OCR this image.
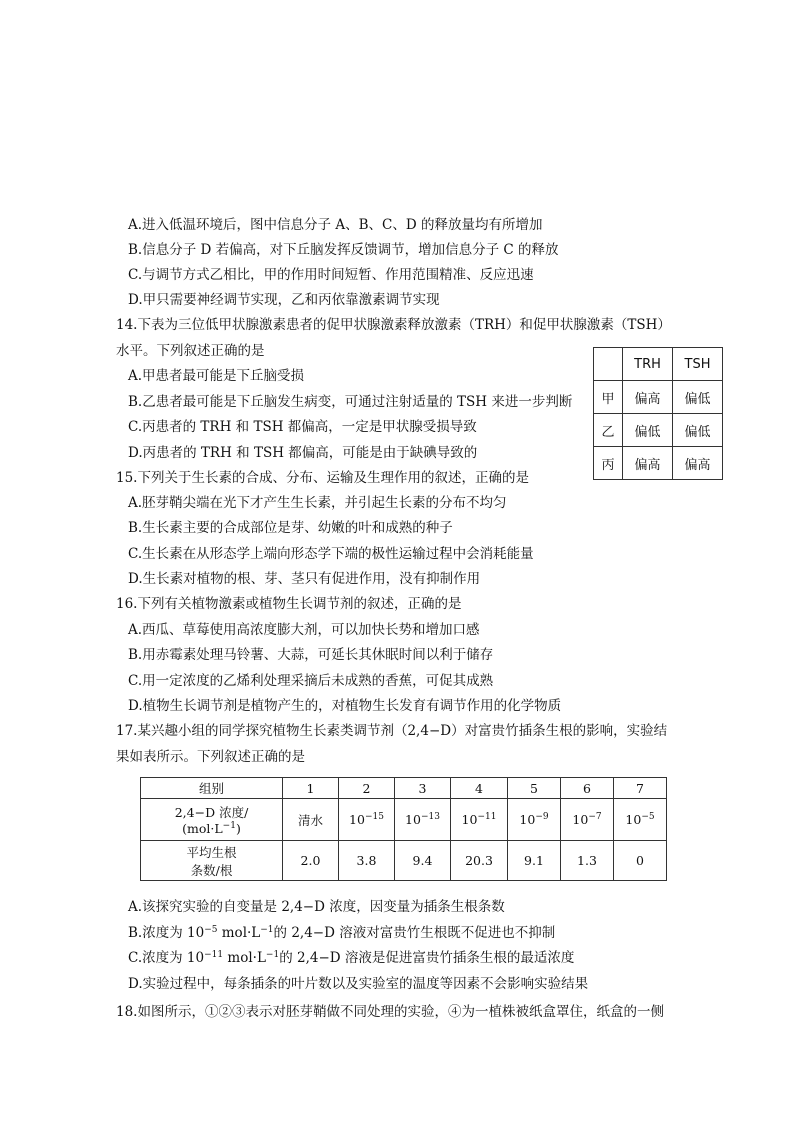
A.进入低温环境后，图中信息分子 A、B、C、D 的释放量均有所增加
B.信息分子 D 若偏高，对下丘脑发挥反馈调节，增加信息分子 C 的释放
C.与调节方式乙相比，甲的作用时间短暂、作用范围精准、反应迅速
D.甲只需要神经调节实现，乙和丙依靠激素调节实现
14.下表为三位低甲状腺激素患者的促甲状腺激素释放激素（TRH）和促甲状腺激素（TSH）
水平。下列叙述正确的是
A.甲患者最可能是下丘脑受损
B.乙患者最可能是下丘脑发生病变，可通过注射适量的 TSH 来进一步判断
C.丙患者的 TRH 和 TSH 都偏高，一定是甲状腺受损导致
D.丙患者的 TRH 和 TSH 都偏高，可能是由于缺碘导致的
	TRH	TSH
甲	偏高	偏低
乙	偏低	偏低
丙	偏高	偏高
15.下列关于生长素的合成、分布、运输及生理作用的叙述，正确的是
A.胚芽鞘尖端在光下才产生生长素，并引起生长素的分布不均匀
B.生长素主要的合成部位是芽、幼嫩的叶和成熟的种子
C.生长素在从形态学上端向形态学下端的极性运输过程中会消耗能量
D.生长素对植物的根、芽、茎只有促进作用，没有抑制作用
16.下列有关植物激素或植物生长调节剂的叙述，正确的是
A.西瓜、草莓使用高浓度膨大剂，可以加快长势和增加口感
B.用赤霉素处理马铃薯、大蒜，可延长其休眠时间以利于储存
C.用一定浓度的乙烯利处理采摘后未成熟的香蕉，可促其成熟
D.植物生长调节剂是植物产生的，对植物生长发育有调节作用的化学物质
17.某兴趣小组的同学探究植物生长素类调节剂（2,4−D）对富贵竹插条生根的影响，实验结
果如表所示。下列叙述正确的是
组别	1	2	3	4	5	6	7

2,4−D 浓度/
$(mol\cdot L^{-1})$	清水	$10^{-15}$	$10^{-13}$	$10^{-11}$	$10^{-9}$	$10^{-7}$	$10^{-5}$

平均生根
条数/根	2.0	3.8	9.4	20.3	9.1	1.3	0
A.该探究实验的自变量是 2,4−D 浓度，因变量为插条生根条数
B.浓度为 $10^{-5}$ $mol\cdot L^{-1}$的 2,4−D 溶液对富贵竹生根既不促进也不抑制
C.浓度为 $10^{-11}$ $mol\cdot L^{-1}$的 2,4−D 溶液是促进富贵竹插条生根的最适浓度
D.实验过程中，每条插条的叶片数以及实验室的温度等因素不会影响实验结果
18.如图所示，①②③表示对胚芽鞘做不同处理的实验，④为一植株被纸盒罩住，纸盒的一侧
